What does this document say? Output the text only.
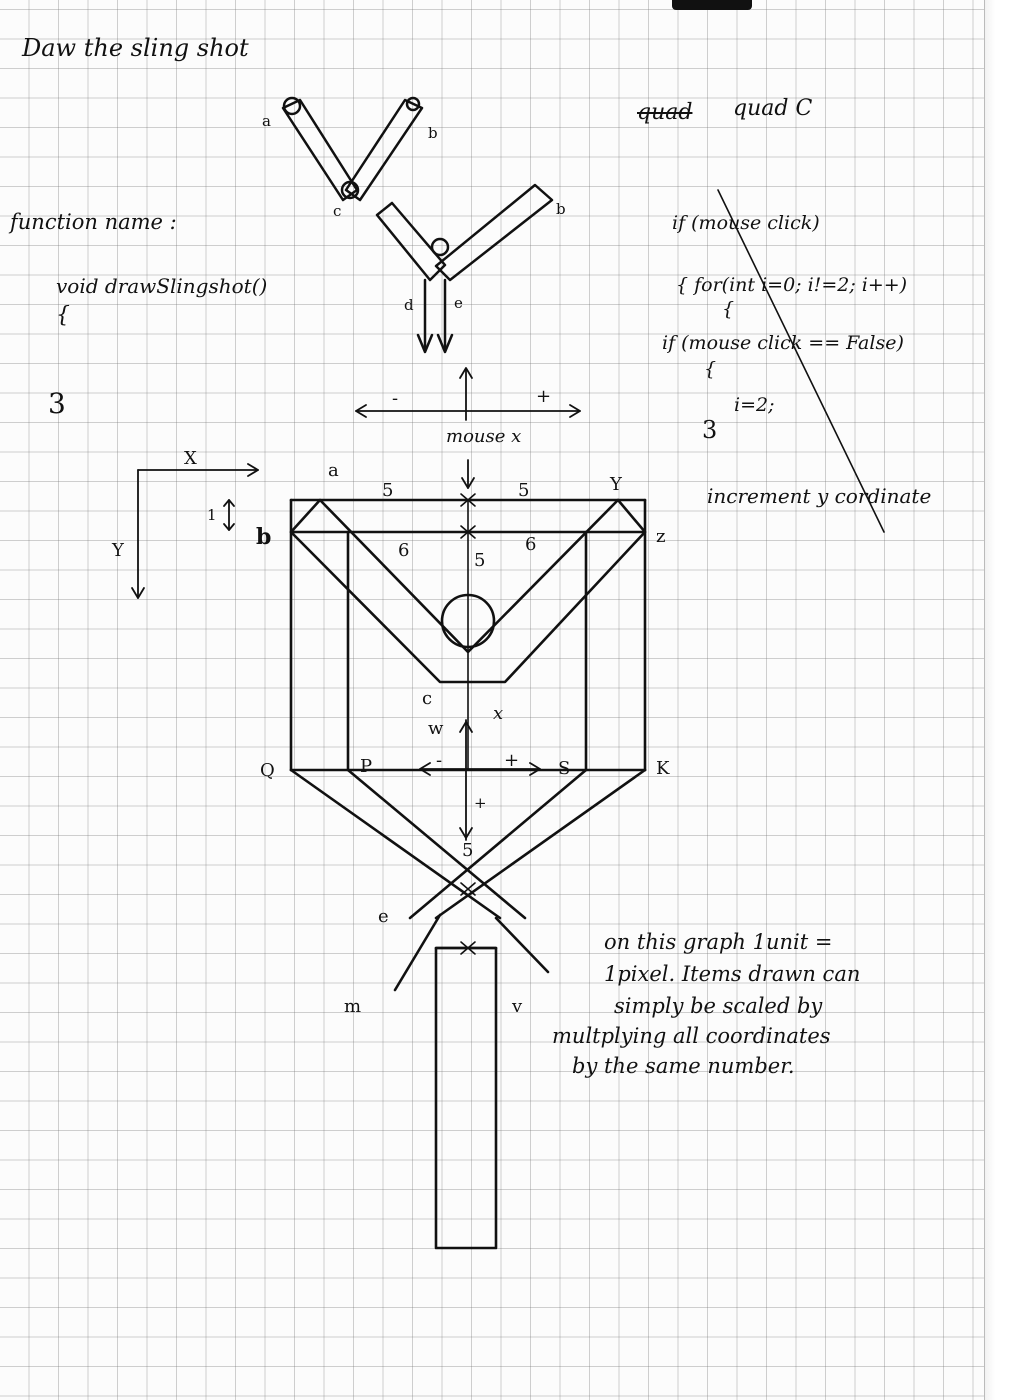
Daw the sling shot
quad quad C
function name :
void drawSlingshot()
{
3
if (mouse click)
{ for(int i=0; i!=2; i++)
{
if (mouse click == False)
{
i=2;
3
increment y cordinate
X
Y
1
mouse x
-	+
-	+
+
5	5
6	6
5
5
a
b
Y
z
c
w
x
Q	P	S	K
e
m	v
a
b
c	b
d	e
on this graph 1unit =
1pixel. Items drawn can
simply be scaled by
multplying all coordinates
by the same number.
